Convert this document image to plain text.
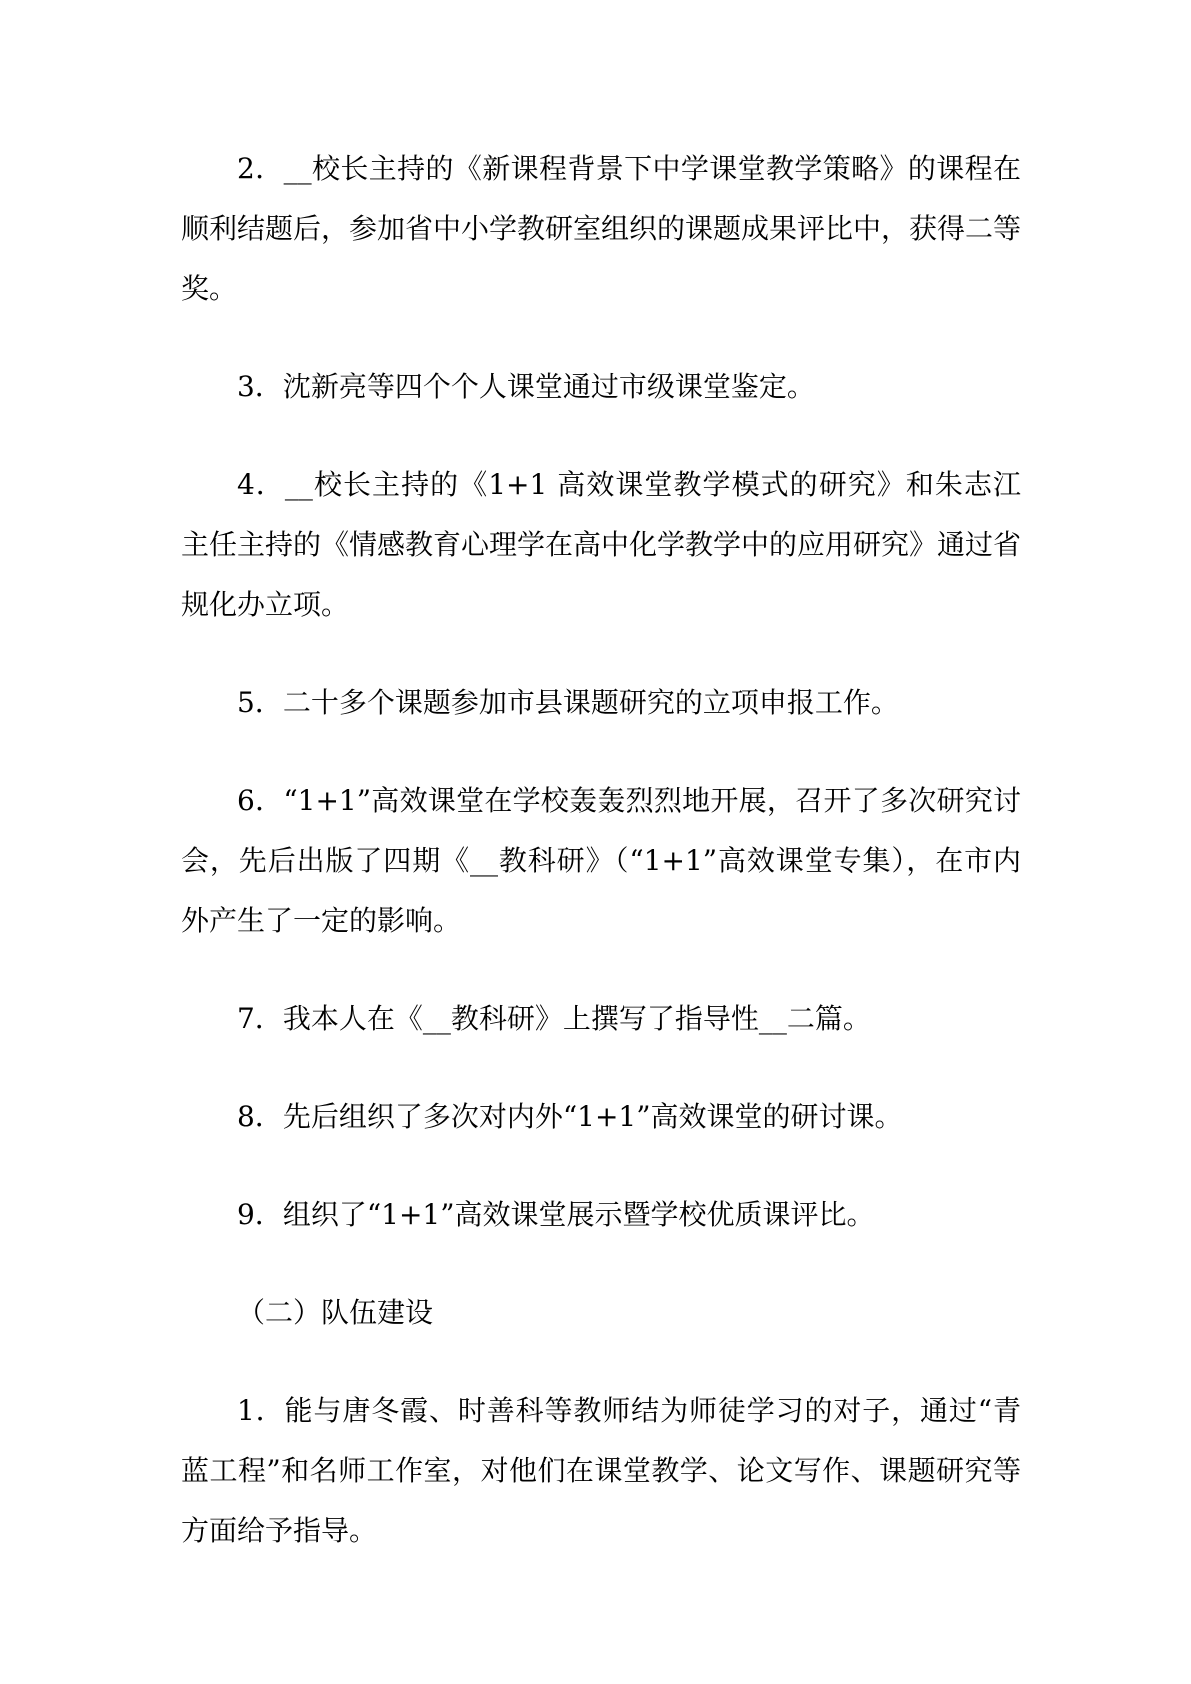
2．__校长主持的《新课程背景下中学课堂教学策略》的课程在顺利结题后，参加省中小学教研室组织的课题成果评比中，获得二等奖。

3．沈新亮等四个个人课堂通过市级课堂鉴定。

4．__校长主持的《1+1 高效课堂教学模式的研究》和朱志江主任主持的《情感教育心理学在高中化学教学中的应用研究》通过省规化办立项。

5．二十多个课题参加市县课题研究的立项申报工作。

6．“1+1”高效课堂在学校轰轰烈烈地开展，召开了多次研究讨会，先后出版了四期《__教科研》（“1+1”高效课堂专集），在市内外产生了一定的影响。

7．我本人在《__教科研》上撰写了指导性__二篇。

8．先后组织了多次对内外“1+1”高效课堂的研讨课。

9．组织了“1+1”高效课堂展示暨学校优质课评比。

（二）队伍建设

1．能与唐冬霞、时善科等教师结为师徒学习的对子，通过“青蓝工程”和名师工作室，对他们在课堂教学、论文写作、课题研究等方面给予指导。
